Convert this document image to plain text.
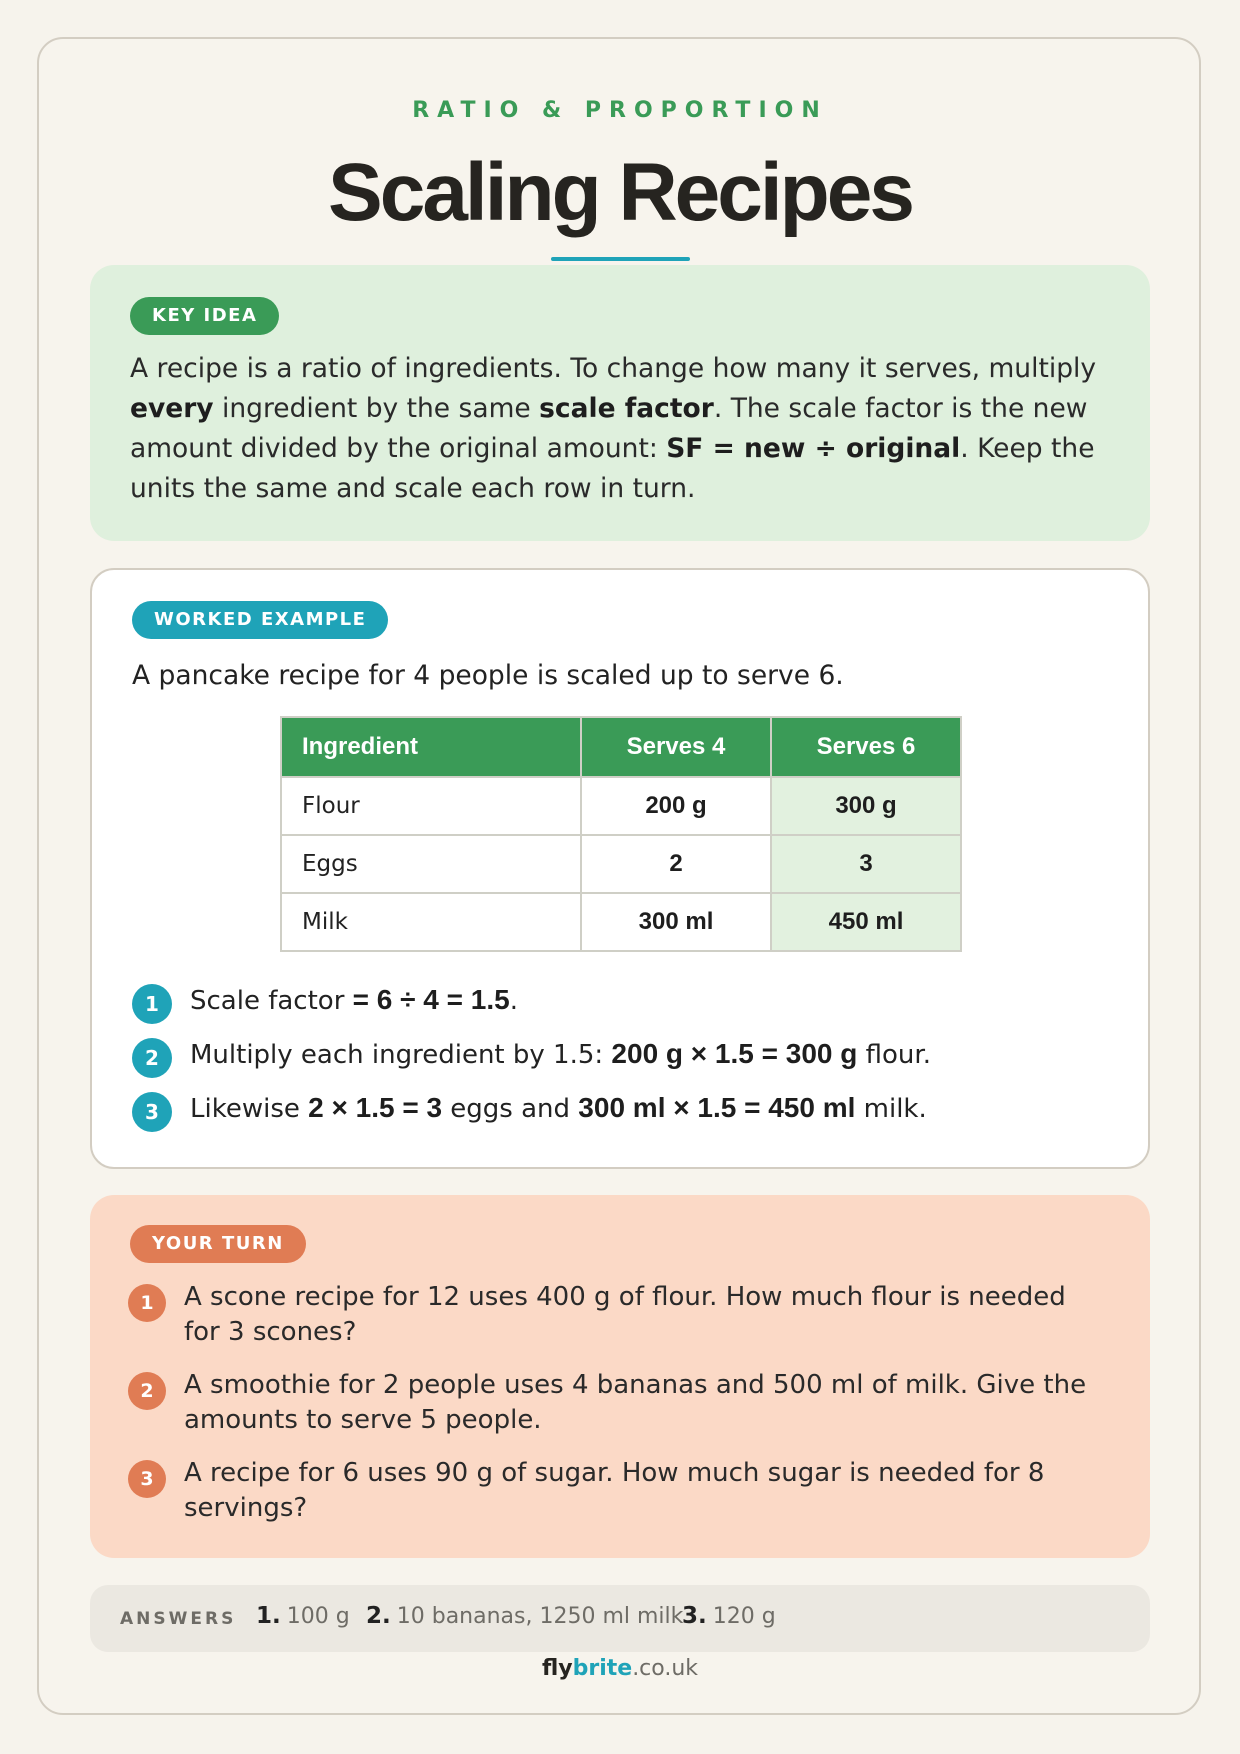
RATIO & PROPORTION
Scaling Recipes
KEY IDEA
A recipe is a ratio of ingredients. To change how many it serves, multiply every ingredient by the same scale factor. The scale factor is the new amount divided by the original amount: SF = new ÷ original. Keep the units the same and scale each row in turn.
WORKED EXAMPLE
A pancake recipe for 4 people is scaled up to serve 6.
Ingredient	Serves 4	Serves 6
Flour	200 g	300 g
Eggs	2	3
Milk	300 ml	450 ml
1	Scale factor = 6 ÷ 4 = 1.5.
2	Multiply each ingredient by 1.5: 200 g × 1.5 = 300 g flour.
3	Likewise 2 × 1.5 = 3 eggs and 300 ml × 1.5 = 450 ml milk.
YOUR TURN
1	A scone recipe for 12 uses 400 g of flour. How much flour is needed for 3 scones?
2	A smoothie for 2 people uses 4 bananas and 500 ml of milk. Give the amounts to serve 5 people.
3	A recipe for 6 uses 90 g of sugar. How much sugar is needed for 8 servings?
ANSWERS 1. 100 g 2. 10 bananas, 1250 ml milk
3. 120 g
flybrite.co.uk
